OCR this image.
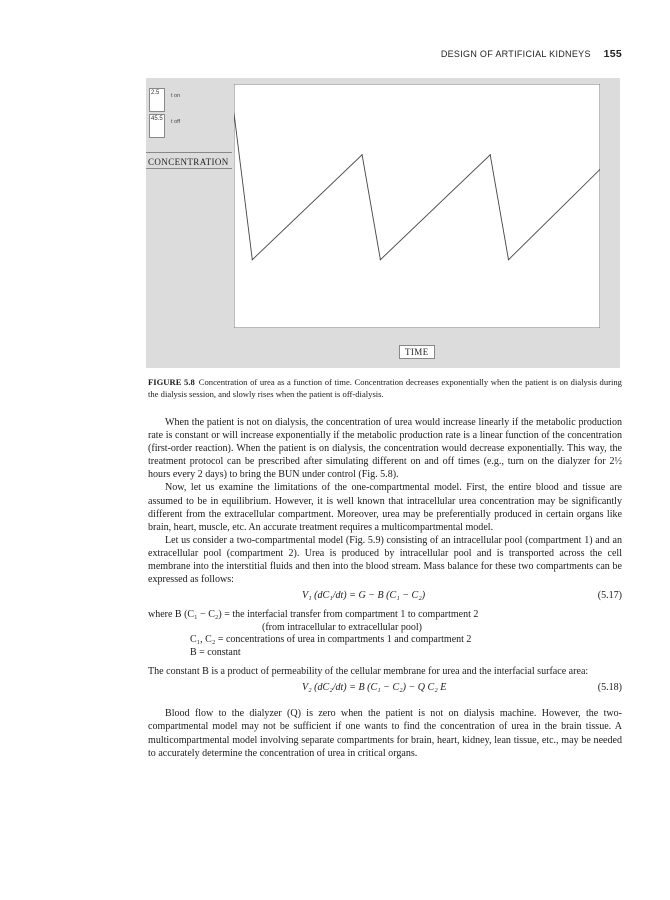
DESIGN OF ARTIFICIAL KIDNEYS 155
2.5	t on
45.5	t off
CONCENTRATION
TIME
FIGURE 5.8 Concentration of urea as a function of time. Concentration decreases exponentially when the patient is on dialysis during the dialysis session, and slowly rises when the patient is off-dialysis.

When the patient is not on dialysis, the concentration of urea would increase linearly if the metabolic production rate is constant or will increase exponentially if the metabolic production rate is a linear function of the concentration (first-order reaction). When the patient is on dialysis, the concentration would decrease exponentially. This way, the treatment protocol can be prescribed after simulating different on and off times (e.g., turn on the dialyzer for 2½ hours every 2 days) to bring the BUN under control (Fig. 5.8).

Now, let us examine the limitations of the one-compartmental model. First, the entire blood and tissue are assumed to be in equilibrium. However, it is well known that intracellular urea concentration may be significantly different from the extracellular compartment. Moreover, urea may be preferentially produced in certain organs like brain, heart, muscle, etc. An accurate treatment requires a multicompartmental model.

Let us consider a two-compartmental model (Fig. 5.9) consisting of an intracellular pool (compartment 1) and an extracellular pool (compartment 2). Urea is produced by intracellular pool and is transported across the cell membrane into the interstitial fluids and then into the blood stream. Mass balance for these two compartments can be expressed as follows:

V₁ (dC₁/dt) = G − B (C₁ − C₂)	(5.17)
where B (C₁ − C₂) = the interfacial transfer from compartment 1 to compartment 2
(from intracellular to extracellular pool)
C₁, C₂ = concentrations of urea in compartments 1 and compartment 2
B = constant

The constant B is a product of permeability of the cellular membrane for urea and the interfacial surface area:

V₂ (dC₂/dt) = B (C₁ − C₂) − Q C₂ E	(5.18)

Blood flow to the dialyzer (Q) is zero when the patient is not on dialysis machine. However, the two-compartmental model may not be sufficient if one wants to find the concentration of urea in the brain tissue. A multicompartmental model involving separate compartments for brain, heart, kidney, lean tissue, etc., may be needed to accurately determine the concentration of urea in critical organs.
